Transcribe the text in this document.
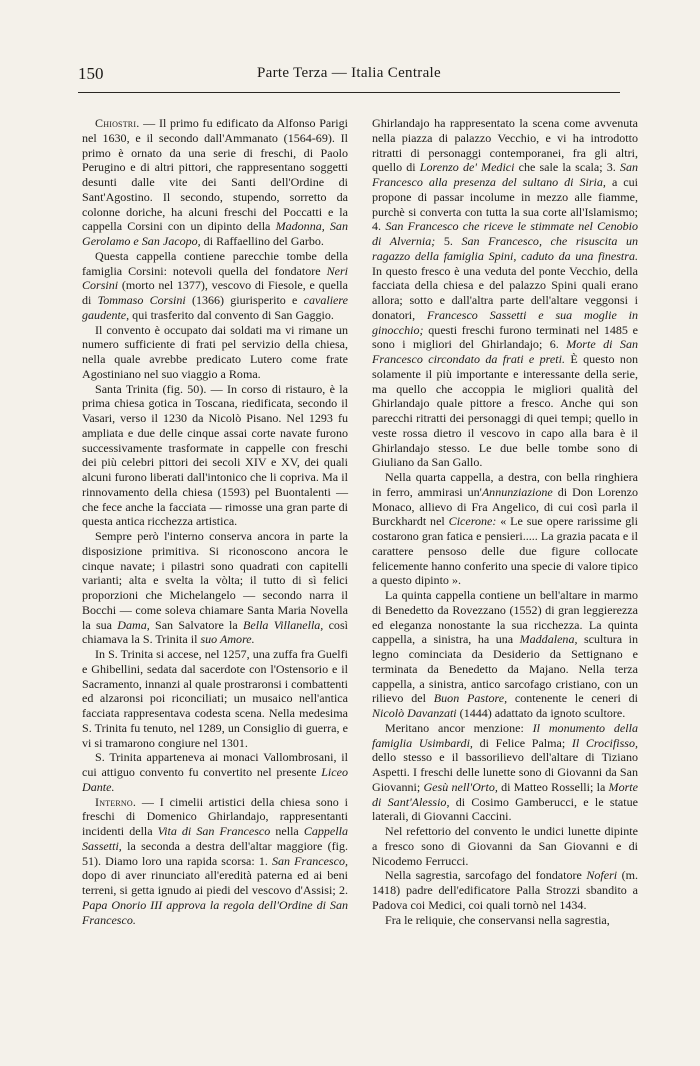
150	Parte Terza — Italia Centrale

Chiostri. — Il primo fu edificato da Alfonso Parigi nel 1630, e il secondo dall'Ammanato (1564-69). Il primo è ornato da una serie di freschi, di Paolo Perugino e di altri pittori, che rappresentano soggetti desunti dalle vite dei Santi dell'Ordine di Sant'Agostino. Il secondo, stupendo, sorretto da colonne doriche, ha alcuni freschi del Poccatti e la cappella Corsini con un dipinto della Madonna, San Gerolamo e San Jacopo, di Raffaellino del Garbo.

Questa cappella contiene parecchie tombe della famiglia Corsini: notevoli quella del fondatore Neri Corsini (morto nel 1377), vescovo di Fiesole, e quella di Tommaso Corsini (1366) giurisperito e cavaliere gaudente, qui trasferito dal convento di San Gaggio.

Il convento è occupato dai soldati ma vi rimane un numero sufficiente di frati pel servizio della chiesa, nella quale avrebbe predicato Lutero come frate Agostiniano nel suo viaggio a Roma.

Santa Trinita (fig. 50). — In corso di ristauro, è la prima chiesa gotica in Toscana, riedificata, secondo il Vasari, verso il 1230 da Nicolò Pisano. Nel 1293 fu ampliata e due delle cinque assai corte navate furono successivamente trasformate in cappelle con freschi dei più celebri pittori dei secoli XIV e XV, dei quali alcuni furono liberati dall'intonico che li copriva. Ma il rinnovamento della chiesa (1593) pel Buontalenti — che fece anche la facciata — rimosse una gran parte di questa antica ricchezza artistica.

Sempre però l'interno conserva ancora in parte la disposizione primitiva. Si riconoscono ancora le cinque navate; i pilastri sono quadrati con capitelli varianti; alta e svelta la vòlta; il tutto di sì felici proporzioni che Michelangelo — secondo narra il Bocchi — come soleva chiamare Santa Maria Novella la sua Dama, San Salvatore la Bella Villanella, così chiamava la S. Trinita il suo Amore.

In S. Trinita si accese, nel 1257, una zuffa fra Guelfi e Ghibellini, sedata dal sacerdote con l'Ostensorio e il Sacramento, innanzi al quale prostraronsi i combattenti ed alzaronsi poi riconciliati; un musaico nell'antica facciata rappresentava codesta scena. Nella medesima S. Trinita fu tenuto, nel 1289, un Consiglio di guerra, e vi si tramarono congiure nel 1301.

S. Trinita apparteneva ai monaci Vallombrosani, il cui attiguo convento fu convertito nel presente Liceo Dante.

Interno. — I cimelii artistici della chiesa sono i freschi di Domenico Ghirlandajo, rappresentanti incidenti della Vita di San Francesco nella Cappella Sassetti, la seconda a destra dell'altar maggiore (fig. 51). Diamo loro una rapida scorsa: 1. San Francesco, dopo di aver rinunciato all'eredità paterna ed ai beni terreni, si getta ignudo ai piedi del vescovo d'Assisi; 2. Papa Onorio III approva la regola dell'Ordine di San Francesco.

Ghirlandajo ha rappresentato la scena come avvenuta nella piazza di palazzo Vecchio, e vi ha introdotto ritratti di personaggi contemporanei, fra gli altri, quello di Lorenzo de' Medici che sale la scala; 3. San Francesco alla presenza del sultano di Siria, a cui propone di passar incolume in mezzo alle fiamme, purchè si converta con tutta la sua corte all'Islamismo; 4. San Francesco che riceve le stimmate nel Cenobio di Alvernia; 5. San Francesco, che risuscita un ragazzo della famiglia Spini, caduto da una finestra. In questo fresco è una veduta del ponte Vecchio, della facciata della chiesa e del palazzo Spini quali erano allora; sotto e dall'altra parte dell'altare veggonsi i donatori, Francesco Sassetti e sua moglie in ginocchio; questi freschi furono terminati nel 1485 e sono i migliori del Ghirlandajo; 6. Morte di San Francesco circondato da frati e preti. È questo non solamente il più importante e interessante della serie, ma quello che accoppia le migliori qualità del Ghirlandajo quale pittore a fresco. Anche qui son parecchi ritratti dei personaggi di quei tempi; quello in veste rossa dietro il vescovo in capo alla bara è il Ghirlandajo stesso. Le due belle tombe sono di Giuliano da San Gallo.

Nella quarta cappella, a destra, con bella ringhiera in ferro, ammirasi un'Annunziazione di Don Lorenzo Monaco, allievo di Fra Angelico, di cui così parla il Burckhardt nel Cicerone: « Le sue opere rarissime gli costarono gran fatica e pensieri..... La grazia pacata e il carattere pensoso delle due figure collocate felicemente hanno conferito una specie di valore tipico a questo dipinto ».

La quinta cappella contiene un bell'altare in marmo di Benedetto da Rovezzano (1552) di gran leggierezza ed eleganza nonostante la sua ricchezza. La quinta cappella, a sinistra, ha una Maddalena, scultura in legno cominciata da Desiderio da Settignano e terminata da Benedetto da Majano. Nella terza cappella, a sinistra, antico sarcofago cristiano, con un rilievo del Buon Pastore, contenente le ceneri di Nicolò Davanzati (1444) adattato da ignoto scultore.

Meritano ancor menzione: Il monumento della famiglia Usimbardi, di Felice Palma; Il Crocifisso, dello stesso e il bassorilievo dell'altare di Tiziano Aspetti. I freschi delle lunette sono di Giovanni da San Giovanni; Gesù nell'Orto, di Matteo Rosselli; la Morte di Sant'Alessio, di Cosimo Gamberucci, e le statue laterali, di Giovanni Caccini.

Nel refettorio del convento le undici lunette dipinte a fresco sono di Giovanni da San Giovanni e di Nicodemo Ferrucci.

Nella sagrestia, sarcofago del fondatore Noferi (m. 1418) padre dell'edificatore Palla Strozzi sbandito a Padova coi Medici, coi quali tornò nel 1434.

Fra le reliquie, che conservansi nella sagrestia,
